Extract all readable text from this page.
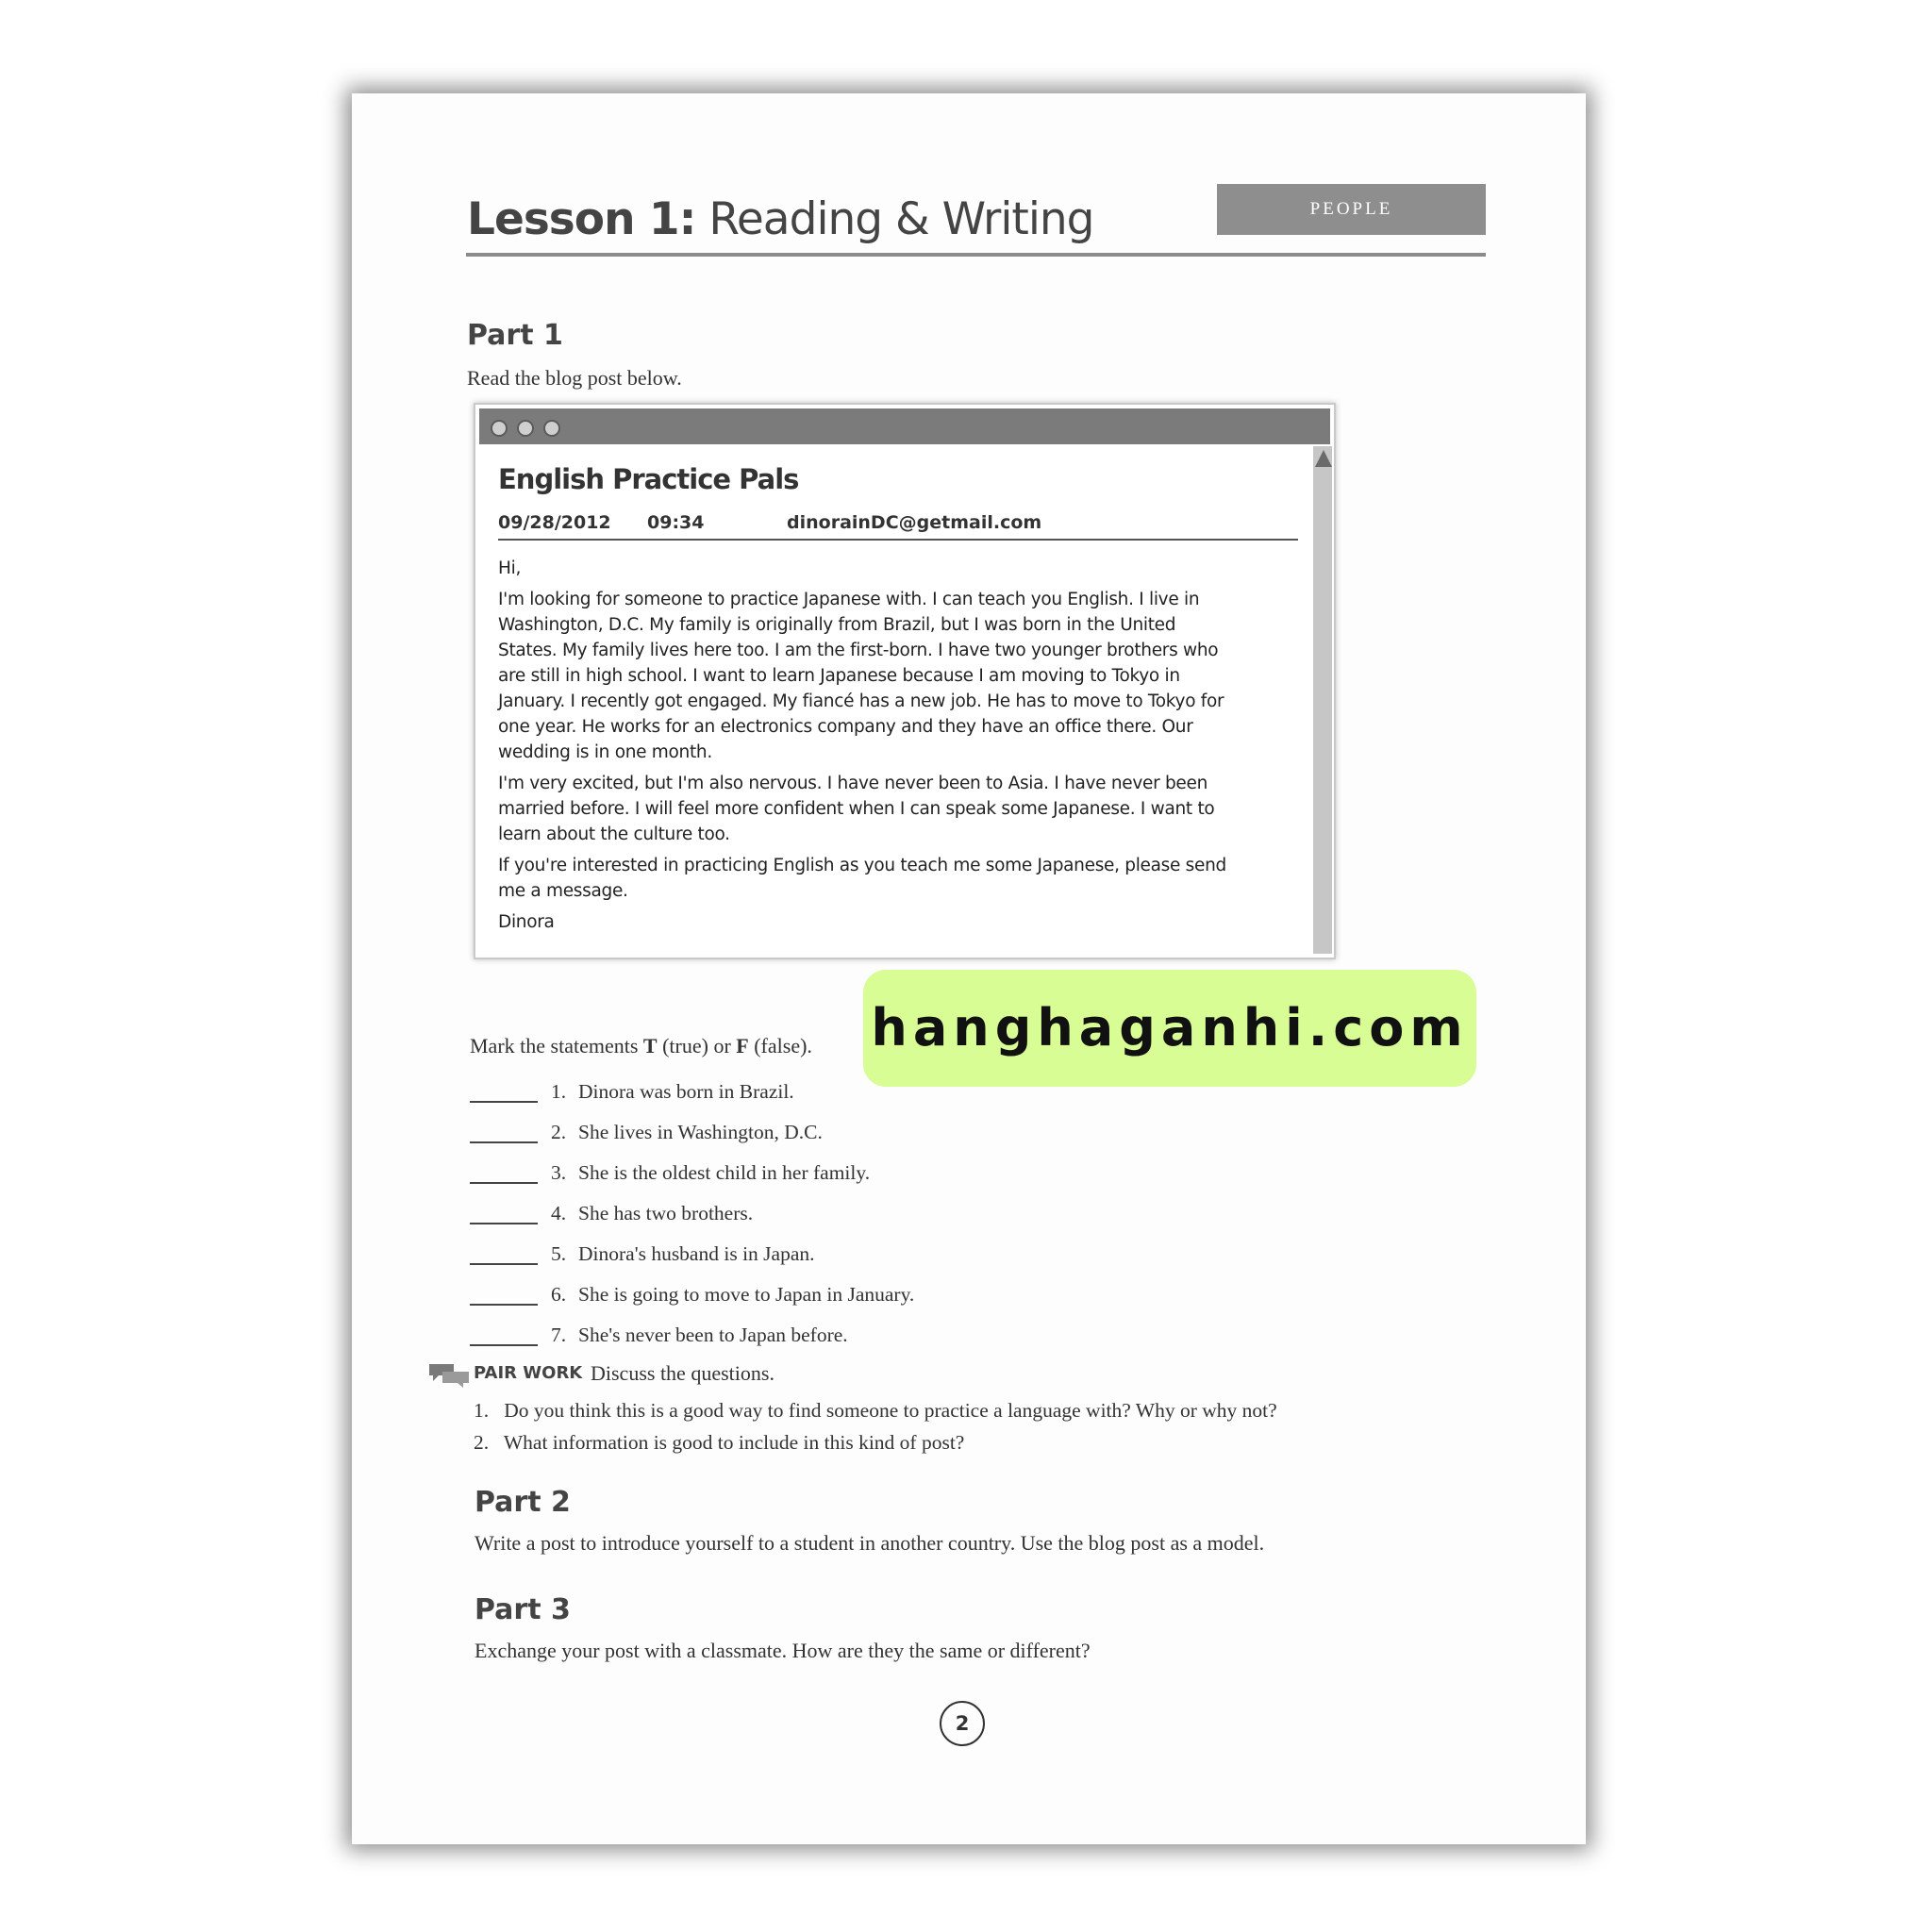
Lesson 1: Reading & Writing	PEOPLE
Part 1
Read the blog post below.
English Practice Pals
09/28/2012 09:34	dinorainDC@getmail.com

Hi,

I'm looking for someone to practice Japanese with. I can teach you English. I live in Washington, D.C. My family is originally from Brazil, but I was born in the United States. My family lives here too. I am the first-born. I have two younger brothers who are still in high school. I want to learn Japanese because I am moving to Tokyo in January. I recently got engaged. My fiancé has a new job. He has to move to Tokyo for one year. He works for an electronics company and they have an office there. Our wedding is in one month.

I'm very excited, but I'm also nervous. I have never been to Asia. I have never been married before. I will feel more confident when I can speak some Japanese. I want to learn about the culture too.

If you're interested in practicing English as you teach me some Japanese, please send me a message.

Dinora

Mark the statements T (true) or F (false). hanghaganhi.com
1. Dinora was born in Brazil.
2. She lives in Washington, D.C.
3. She is the oldest child in her family.
4. She has two brothers.
5. Dinora's husband is in Japan.
6. She is going to move to Japan in January.
7. She's never been to Japan before.
PAIR WORK Discuss the questions.
1. Do you think this is a good way to find someone to practice a language with? Why or why not?
2. What information is good to include in this kind of post?
Part 2
Write a post to introduce yourself to a student in another country. Use the blog post as a model.
Part 3
Exchange your post with a classmate. How are they the same or different?
2
